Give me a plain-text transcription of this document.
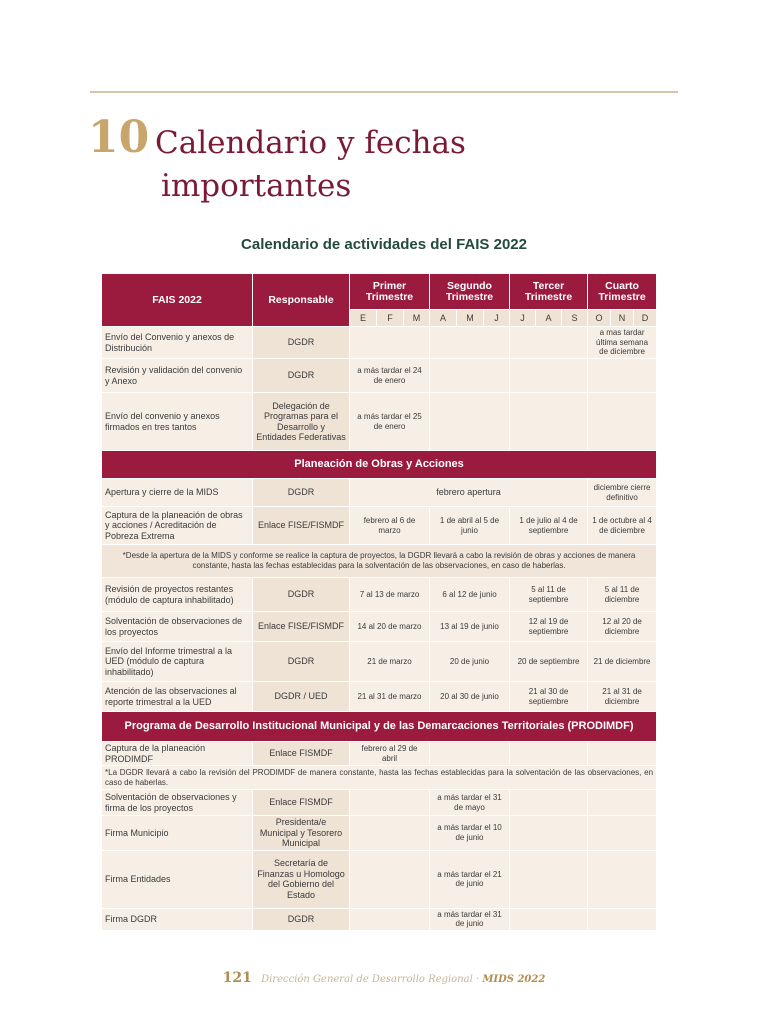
10 Calendario y fechas
importantes
Calendario de actividades del FAIS 2022
FAIS 2022	Responsable	Primer Trimestre			Segundo Trimestre			Tercer Trimestre			Cuarto Trimestre		
		E	F	M	A	M	J	J	A	S	O	N	D
Envío del Convenio y anexos de Distribución	DGDR										a mas tardar última semana de diciembre		
Revisión y validación del convenio y Anexo	DGDR	a más tardar el 24 de enero											
Envío del convenio y anexos firmados en tres tantos	Delegación de Programas para el Desarrollo y Entidades Federativas	a más tardar el 25 de enero											
Planeación de Obras y Acciones													
Apertura y cierre de la MIDS	DGDR	febrero apertura									diciembre cierre definitivo		
Captura de la planeación de obras y acciones / Acreditación de Pobreza Extrema	Enlace FISE/FISMDF	febrero al 6 de marzo			1 de abril al 5 de junio			1 de julio al 4 de septiembre			1 de octubre al 4 de diciembre		
*Desde la apertura de la MIDS y conforme se realice la captura de proyectos, la DGDR llevará a cabo la revisión de obras y acciones de manera constante, hasta las fechas establecidas para la solventación de las observaciones, en caso de haberlas.													
Revisión de proyectos restantes (módulo de captura inhabilitado)	DGDR	7 al 13 de marzo			6 al 12 de junio			5 al 11 de septiembre			5 al 11 de diciembre		
Solventación de observaciones de los proyectos	Enlace FISE/FISMDF	14 al 20 de marzo			13 al 19 de junio			12 al 19 de septiembre			12 al 20 de diciembre		
Envío del Informe trimestral a la UED (módulo de captura inhabilitado)	DGDR	21 de marzo			20 de junio			20 de septiembre			21 de diciembre		
Atención de las observaciones al reporte trimestral a la UED	DGDR / UED	21 al 31 de marzo			20 al 30 de junio			21 al 30 de septiembre			21 al 31 de diciembre		
Programa de Desarrollo Institucional Municipal y de las Demarcaciones Territoriales (PRODIMDF)													
Captura de la planeación PRODIMDF	Enlace FISMDF	febrero al 29 de abril											
*La DGDR llevará a cabo la revisión del PRODIMDF de manera constante, hasta las fechas establecidas para la solventación de las observaciones, en caso de haberlas.													
Solventación de observaciones y firma de los proyectos	Enlace FISMDF				a más tardar el 31 de mayo								
Firma Municipio	Presidenta/e Municipal y Tesorero Municipal				a más tardar el 10 de junio								
Firma Entidades	Secretaría de Finanzas u Homologo del Gobierno del Estado				a más tardar el 21 de junio								
Firma DGDR	DGDR				a más tardar el 31 de junio								
121 Dirección General de Desarrollo Regional · MIDS 2022
